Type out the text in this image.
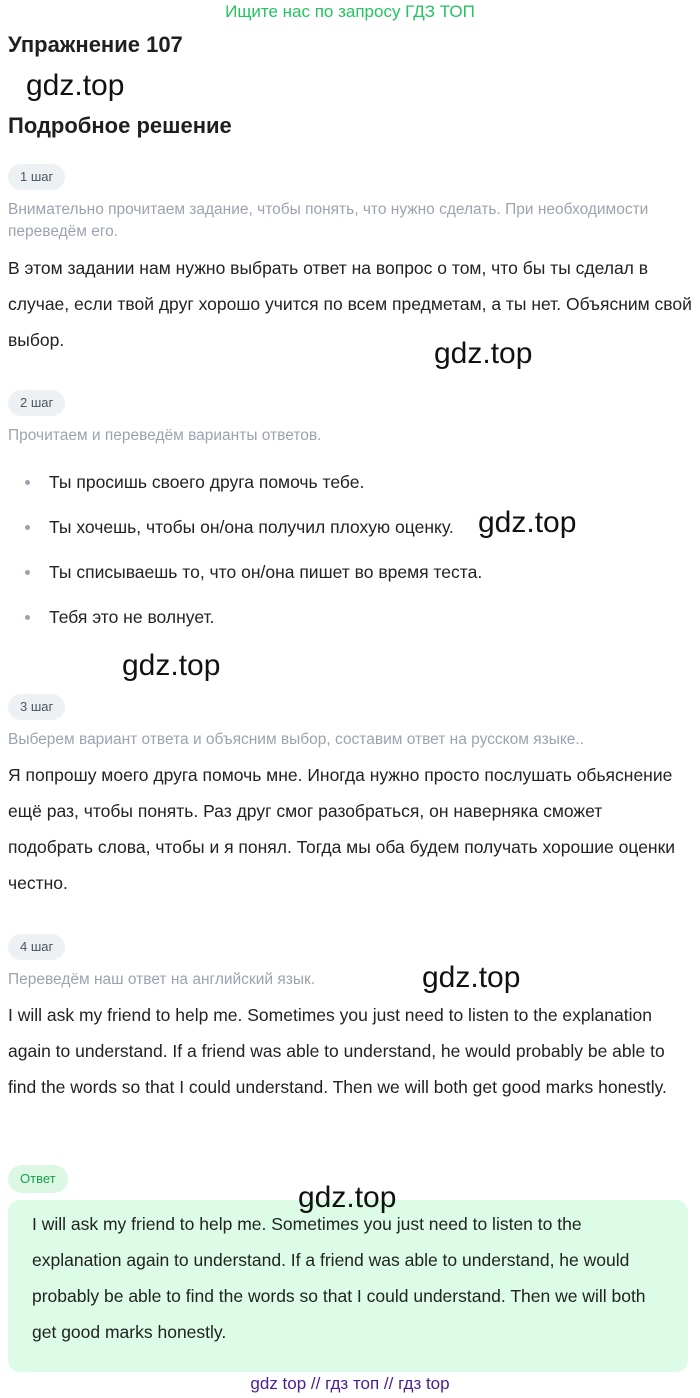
Ищите нас по запросу ГДЗ ТОП
Упражнение 107
gdz.top
Подробное решение
1 шаг
Внимательно прочитаем задание, чтобы понять, что нужно сделать. При необходимости переведём его.
В этом задании нам нужно выбрать ответ на вопрос о том, что бы ты сделал в случае, если твой друг хорошо учится по всем предметам, а ты нет. Объясним свой выбор.	gdz.top
2 шаг
Прочитаем и переведём варианты ответов.
Ты просишь своего друга помочь тебе.
Ты хочешь, чтобы он/она получил плохую оценку.
Ты списываешь то, что он/она пишет во время теста.
Тебя это не волнует.
gdz.top
gdz.top
3 шаг
Выберем вариант ответа и объясним выбор, составим ответ на русском языке..
Я попрошу моего друга помочь мне. Иногда нужно просто послушать обьяснение ещё раз, чтобы понять. Раз друг смог разобраться, он наверняка сможет подобрать слова, чтобы и я понял. Тогда мы оба будем получать хорошие оценки честно.
4 шаг
Переведём наш ответ на английский язык.	gdz.top
I will ask my friend to help me. Sometimes you just need to listen to the explanation again to understand. If a friend was able to understand, he would probably be able to find the words so that I could understand. Then we will both get good marks honestly.
Ответ
I will ask my friend to help me. Sometimes you just need to listen to the explanation again to understand. If a friend was able to understand, he would probably be able to find the words so that I could understand. Then we will both get good marks honestly.
gdz.top
gdz top // гдз топ // гдз top
